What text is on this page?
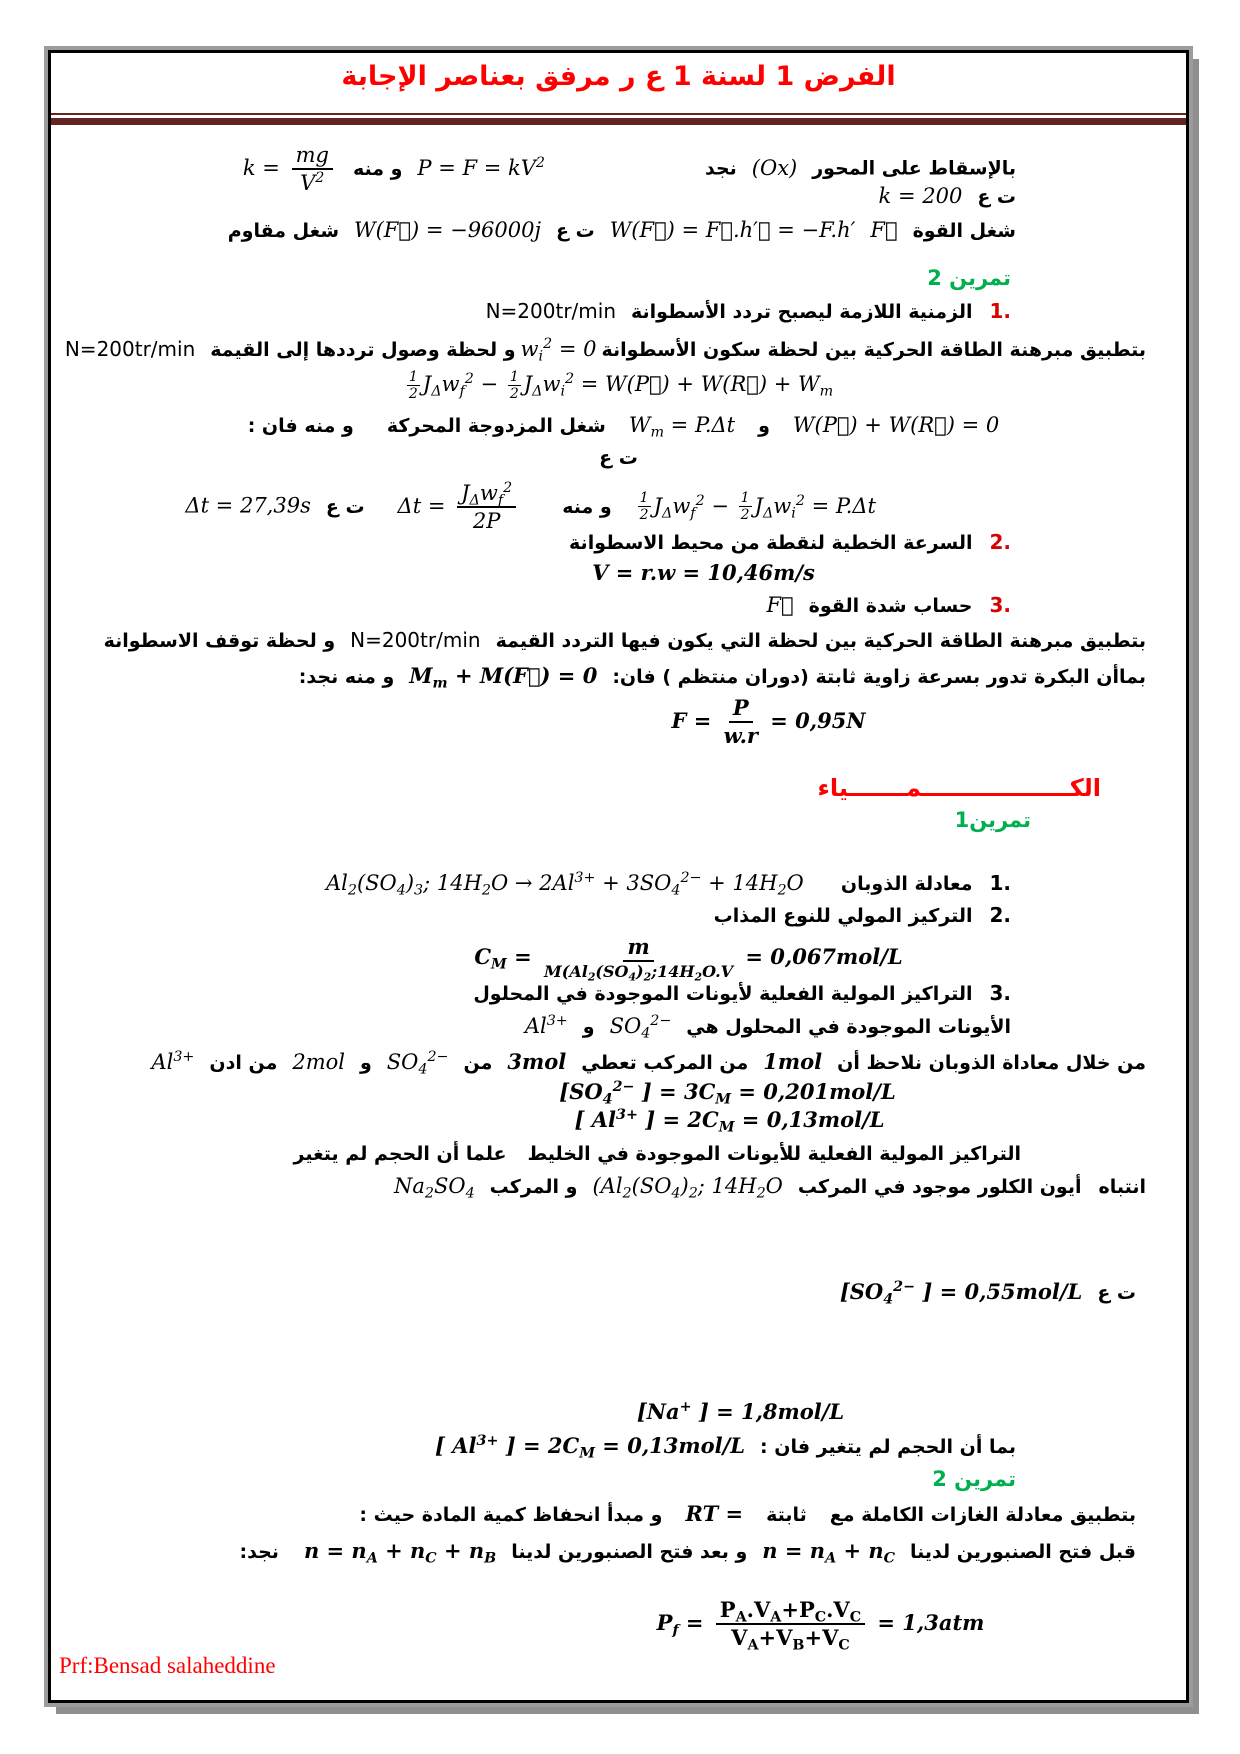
الفرض 1 لسنة 1 ع ر مرفق بعناصر الإجابة
بالإسقاط على المحور (Ox) نجد  $P = F = kV^2$ و منه $k = \frac{mg}{V^2}$
ت ع k = 200
شغل القوة F⃗ W(F⃗) = F⃗.h′⃗ = −F.h′ ت ع W(F⃗) = −96000j شغل مقاوم
تمرين 2
1. الزمنية اللازمة ليصبح تردد الأسطوانة N=200tr/min
بتطبيق مبرهنة الطاقة الحركية بين لحظة سكون الأسطوانة $w_i^2 = 0$ و لحظة وصول ترددها إلى القيمة N=200tr/min
$\frac{1}{2} J_\Delta w_f^2 - \frac{1}{2} J_\Delta w_i^2$ = W(P⃗) + W(R⃗) + $W_m$
W(P⃗) + W(R⃗) = 0 و $W_m = P.\Delta t$ شغل المزدوجة المحركة و منه فان :
ت ع
$\frac{1}{2} J_\Delta w_f^2 - \frac{1}{2} J_\Delta w_i^2 = P.\Delta t$ و منه Δt =
$J_\Delta w_f^2$
2P
ت ع Δt = 27,39s
2. السرعة الخطية لنقطة من محيط الاسطوانة
V = r.w = 10,46m/s
3. حساب شدة القوة F⃗
بتطبيق مبرهنة الطاقة الحركية بين لحظة التي يكون فيها التردد القيمة N=200tr/min و لحظة توقف الاسطوانة
بماأن البكرة تدور بسرعة زاوية ثابتة (دوران منتظم ) فان: $M_m$ + M(F⃗) = 0 و منه نجد:
$F = \frac{P}{w.r} = 0,95N$
الكــــــــــــــــــمـــــــياء
تمرين1
1. معادلة الذوبان
$Al_2(SO_4)_3$; $14H_2O \to 2Al^{3+} + 3SO_4^{2-} + 14H_2O$
2. التركيز المولي للنوع المذاب
$C_M$ =	m
$M(Al_2(SO_4)_2;14H_2O.V$
= 0,067mol/L
3. التراكيز المولية الفعلية لأيونات الموجودة في المحلول
الأيونات الموجودة في المحلول هي $SO_4^{2-}$ و $Al^{3+}$
من خلال معاداة الذوبان نلاحظ أن 1mol من المركب تعطي 3mol من $SO_4^{2-}$ و 2mol من ادن $Al^{3+}$
[$SO_4^{2-}$ ] = $3C_M = 0,201mol/L$
[ $Al^{3+}$ ] = $2C_M = 0,13mol/L$
التراكيز المولية الفعلية للأيونات الموجودة في الخليط علما أن الحجم لم يتغير
انتباه أيون الكلور موجود في المركب ($Al_2(SO_4)_2$; $14H_2O$ و المركب $Na_2SO_4$
ت ع [$SO_4^{2-}$ ] = 0,55mol/L
[Na+ ] = 1,8mol/L
بما أن الحجم لم يتغير فان : [ $Al^{3+}$ ] = $2C_M = 0,13mol/L$
تمرين 2
بتطبيق معادلة الغازات الكاملة مع ثابتة RT = و مبدأ انحفاظ كمية المادة حيث :
قبل فتح الصنبورين لدينا $n = n_A + n_C$ و بعد فتح الصنبورين لدينا $n = n_A + n_C + n_B$ نجد:
$P_f = \frac{P_A.V_A+P_C.V_C}{V_A+V_B+V_C} = 1,3atm$
Prf:Bensad salaheddine
